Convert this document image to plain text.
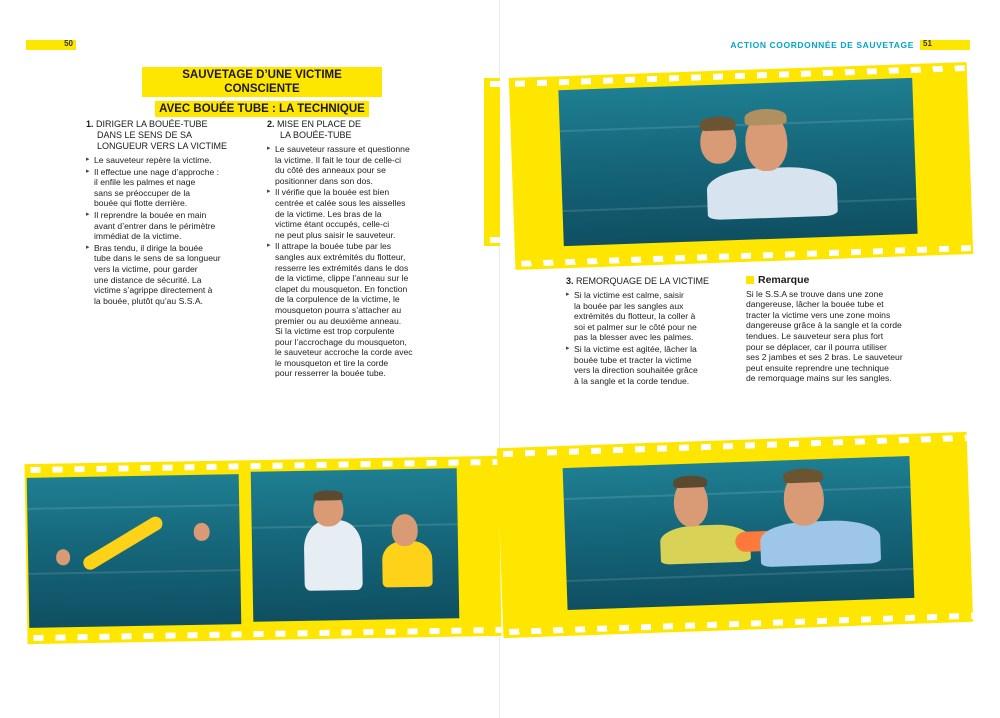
50	ACTION COORDONNÉE DE SAUVETAGE 51
SAUVETAGE D’UNE VICTIME CONSCIENTE
AVEC BOUÉE TUBE : LA TECHNIQUE
1. DIRIGER LA BOUÉE-TUBE
DANS LE SENS DE SA
LONGUEUR VERS LA VICTIME
▸ Le sauveteur repère la victime.
▸ Il effectue une nage d’approche :
il enfile les palmes et nage
sans se préoccuper de la
bouée qui flotte derrière.
▸ Il reprendre la bouée en main
avant d’entrer dans le périmètre
immédiat de la victime.
▸ Bras tendu, il dirige la bouée
tube dans le sens de sa longueur
vers la victime, pour garder
une distance de sécurité. La
victime s’agrippe directement à
la bouée, plutôt qu’au S.S.A.
2. MISE EN PLACE DE
LA BOUÉE-TUBE
▸ Le sauveteur rassure et questionne
la victime. Il fait le tour de celle-ci
du côté des anneaux pour se
positionner dans son dos.
▸ Il vérifie que la bouée est bien
centrée et calée sous les aisselles
de la victime. Les bras de la
victime étant occupés, celle-ci
ne peut plus saisir le sauveteur.
▸ Il attrape la bouée tube par les
sangles aux extrémités du flotteur,
resserre les extrémités dans le dos
de la victime, clippe l’anneau sur le
clapet du mousqueton. En fonction
de la corpulence de la victime, le
mousqueton pourra s’attacher au
premier ou au deuxième anneau.
Si la victime est trop corpulente
pour l’accrochage du mousqueton,
le sauveteur accroche la corde avec
le mousqueton et tire la corde
pour resserrer la bouée tube.
3. REMORQUAGE DE LA VICTIME
▸ Si la victime est calme, saisir
la bouée par les sangles aux
extrémités du flotteur, la coller à
soi et palmer sur le côté pour ne
pas la blesser avec les palmes.
▸ Si la victime est agitée, lâcher la
bouée tube et tracter la victime
vers la direction souhaitée grâce
à la sangle et la corde tendue.
Remarque
Si le S.S.A se trouve dans une zone
dangereuse, lâcher la bouée tube et
tracter la victime vers une zone moins
dangereuse grâce à la sangle et la corde
tendues. Le sauveteur sera plus fort
pour se déplacer, car il pourra utiliser
ses 2 jambes et ses 2 bras. Le sauveteur
peut ensuite reprendre une technique
de remorquage mains sur les sangles.
